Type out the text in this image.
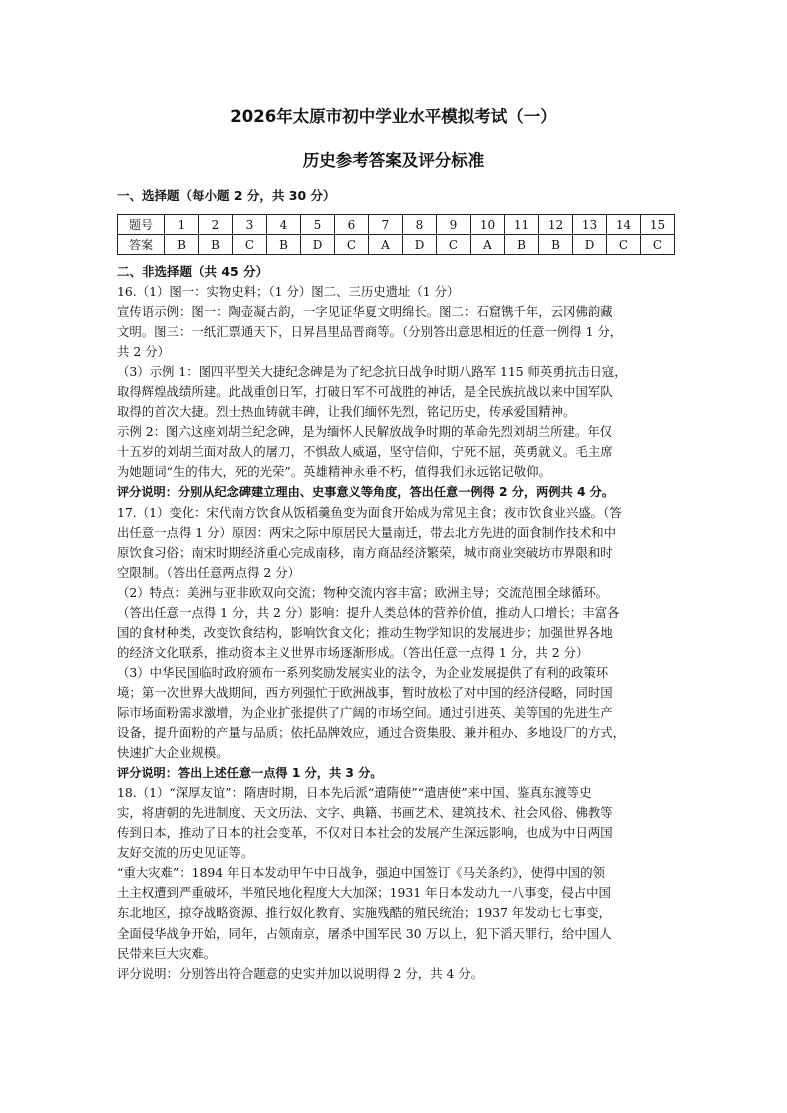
2026年太原市初中学业水平模拟考试（一）
历史参考答案及评分标准
一、选择题（每小题 2 分，共 30 分）
题号	1	2	3	4	5	6	7	8	9	10	11	12	13	14	15
答案	B	B	C	B	D	C	A	D	C	A	B	B	D	C	C
二、非选择题（共 45 分）

16.（1）图一：实物史料；（1 分）图二、三历史遗址（1 分）

宣传语示例：图一：陶壶凝古韵，一字见证华夏文明绵长。图二：石窟镌千年，云冈佛韵藏

文明。图三：一纸汇票通天下，日昇昌里品晋商等。（分别答出意思相近的任意一例得 1 分，

共 2 分）

（3）示例 1：图四平型关大捷纪念碑是为了纪念抗日战争时期八路军 115 师英勇抗击日寇，

取得辉煌战绩所建。此战重创日军，打破日军不可战胜的神话，是全民族抗战以来中国军队

取得的首次大捷。烈士热血铸就丰碑，让我们缅怀先烈，铭记历史，传承爱国精神。

示例 2：图六这座刘胡兰纪念碑，是为缅怀人民解放战争时期的革命先烈刘胡兰所建。年仅

十五岁的刘胡兰面对敌人的屠刀，不惧敌人威逼，坚守信仰，宁死不屈，英勇就义。毛主席

为她题词“生的伟大，死的光荣”。英雄精神永垂不朽，值得我们永远铭记敬仰。

评分说明：分别从纪念碑建立理由、史事意义等角度，答出任意一例得 2 分，两例共 4 分。

17.（1）变化：宋代南方饮食从饭稻羹鱼变为面食开始成为常见主食；夜市饮食业兴盛。（答

出任意一点得 1 分）原因：两宋之际中原居民大量南迁，带去北方先进的面食制作技术和中

原饮食习俗；南宋时期经济重心完成南移，南方商品经济繁荣，城市商业突破坊市界限和时

空限制。（答出任意两点得 2 分）

（2）特点：美洲与亚非欧双向交流；物种交流内容丰富；欧洲主导；交流范围全球循环。

（答出任意一点得 1 分，共 2 分）影响：提升人类总体的营养价值，推动人口增长；丰富各

国的食材种类，改变饮食结构，影响饮食文化；推动生物学知识的发展进步；加强世界各地

的经济文化联系，推动资本主义世界市场逐渐形成。（答出任意一点得 1 分，共 2 分）

（3）中华民国临时政府颁布一系列奖励发展实业的法令，为企业发展提供了有利的政策环

境；第一次世界大战期间，西方列强忙于欧洲战事，暂时放松了对中国的经济侵略，同时国

际市场面粉需求激增，为企业扩张提供了广阔的市场空间。通过引进英、美等国的先进生产

设备，提升面粉的产量与品质；依托品牌效应，通过合资集股、兼并租办、多地设厂的方式，

快速扩大企业规模。

评分说明：答出上述任意一点得 1 分，共 3 分。

18.（1）“深厚友谊”：隋唐时期，日本先后派“遣隋使”“遣唐使”来中国、鉴真东渡等史

实，将唐朝的先进制度、天文历法、文字、典籍、书画艺术、建筑技术、社会风俗、佛教等

传到日本，推动了日本的社会变革，不仅对日本社会的发展产生深远影响，也成为中日两国

友好交流的历史见证等。

“重大灾难”：1894 年日本发动甲午中日战争，强迫中国签订《马关条约》，使得中国的领

土主权遭到严重破坏，半殖民地化程度大大加深；1931 年日本发动九一八事变，侵占中国

东北地区，掠夺战略资源、推行奴化教育、实施残酷的殖民统治；1937 年发动七七事变，

全面侵华战争开始，同年，占领南京，屠杀中国军民 30 万以上，犯下滔天罪行，给中国人

民带来巨大灾难。

评分说明：分别答出符合题意的史实并加以说明得 2 分，共 4 分。
